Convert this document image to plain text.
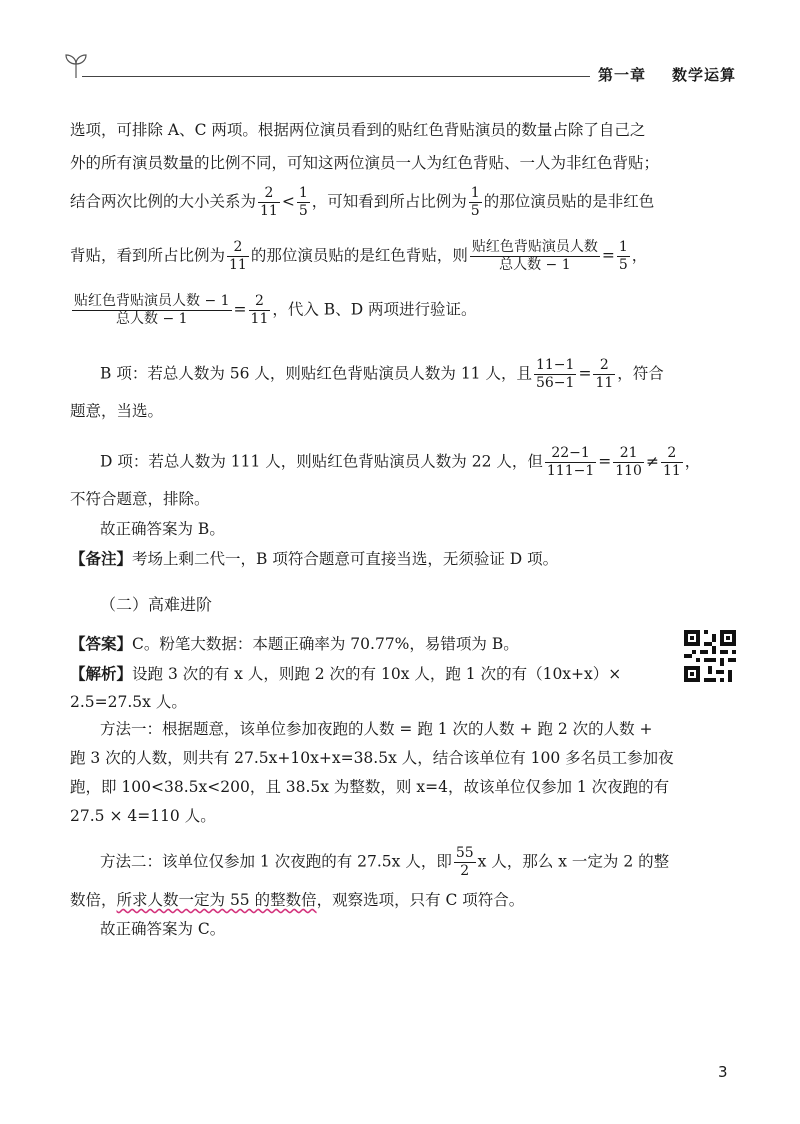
第一章 数学运算
选项，可排除 A、C 两项。根据两位演员看到的贴红色背贴演员的数量占除了自己之
外的所有演员数量的比例不同，可知这两位演员一人为红色背贴、一人为非红色背贴；
结合两次比例的大小关系为 $\frac{2}{11} < \frac{1}{5}$ ，可知看到所占比例为 $\frac{1}{5}$ 的那位演员贴的是非红色
背贴，看到所占比例为 $\frac{2}{11}$ 的那位演员贴的是红色背贴，则 $\frac{\text{贴红色背贴演员人数}}{\text{总人数 − 1}} = \frac{1}{5}$ ，
$\frac{\text{贴红色背贴演员人数 − 1}}{\text{总人数 − 1}} = \frac{2}{11}$ ，代入 B、D 两项进行验证。
B 项：若总人数为 56 人，则贴红色背贴演员人数为 11 人，且 $\frac{11-1}{56-1} = \frac{2}{11}$ ，符合
题意，当选。
D 项：若总人数为 111 人，则贴红色背贴演员人数为 22 人，但 $\frac{22-1}{111-1} = \frac{21}{110} \ne \frac{2}{11}$ ，
不符合题意，排除。
故正确答案为 B。
【备注】考场上剩二代一，B 项符合题意可直接当选，无须验证 D 项。
（二）高难进阶
【答案】C。粉笔大数据：本题正确率为 70.77%，易错项为 B。
【解析】设跑 3 次的有 x 人，则跑 2 次的有 10x 人，跑 1 次的有（10x+x）×
2.5=27.5x 人。
方法一：根据题意，该单位参加夜跑的人数 = 跑 1 次的人数 + 跑 2 次的人数 +
跑 3 次的人数，则共有 27.5x+10x+x=38.5x 人，结合该单位有 100 多名员工参加夜
跑，即 100<38.5x<200，且 38.5x 为整数，则 x=4，故该单位仅参加 1 次夜跑的有
27.5 × 4=110 人。
方法二：该单位仅参加 1 次夜跑的有 27.5x 人，即 $\frac{55}{2}$ x 人，那么 x 一定为 2 的整
数倍，所求人数一定为 55 的整数倍，观察选项，只有 C 项符合。
故正确答案为 C。
3
